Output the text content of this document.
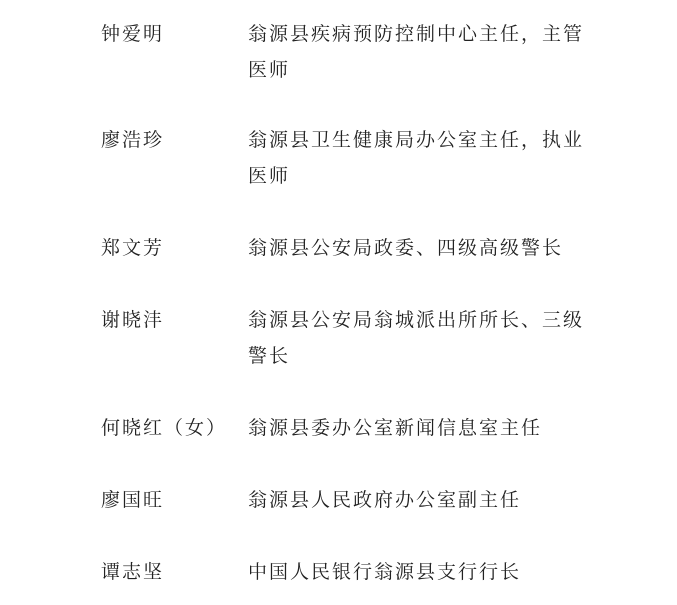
钟爱明	翁源县疾病预防控制中心主任，主管
医师
廖浩珍	翁源县卫生健康局办公室主任，执业
医师
郑文芳	翁源县公安局政委、四级高级警长
谢晓沣	翁源县公安局翁城派出所所长、三级
警长
何晓红（女） 翁源县委办公室新闻信息室主任
廖国旺	翁源县人民政府办公室副主任
谭志坚	中国人民银行翁源县支行行长
